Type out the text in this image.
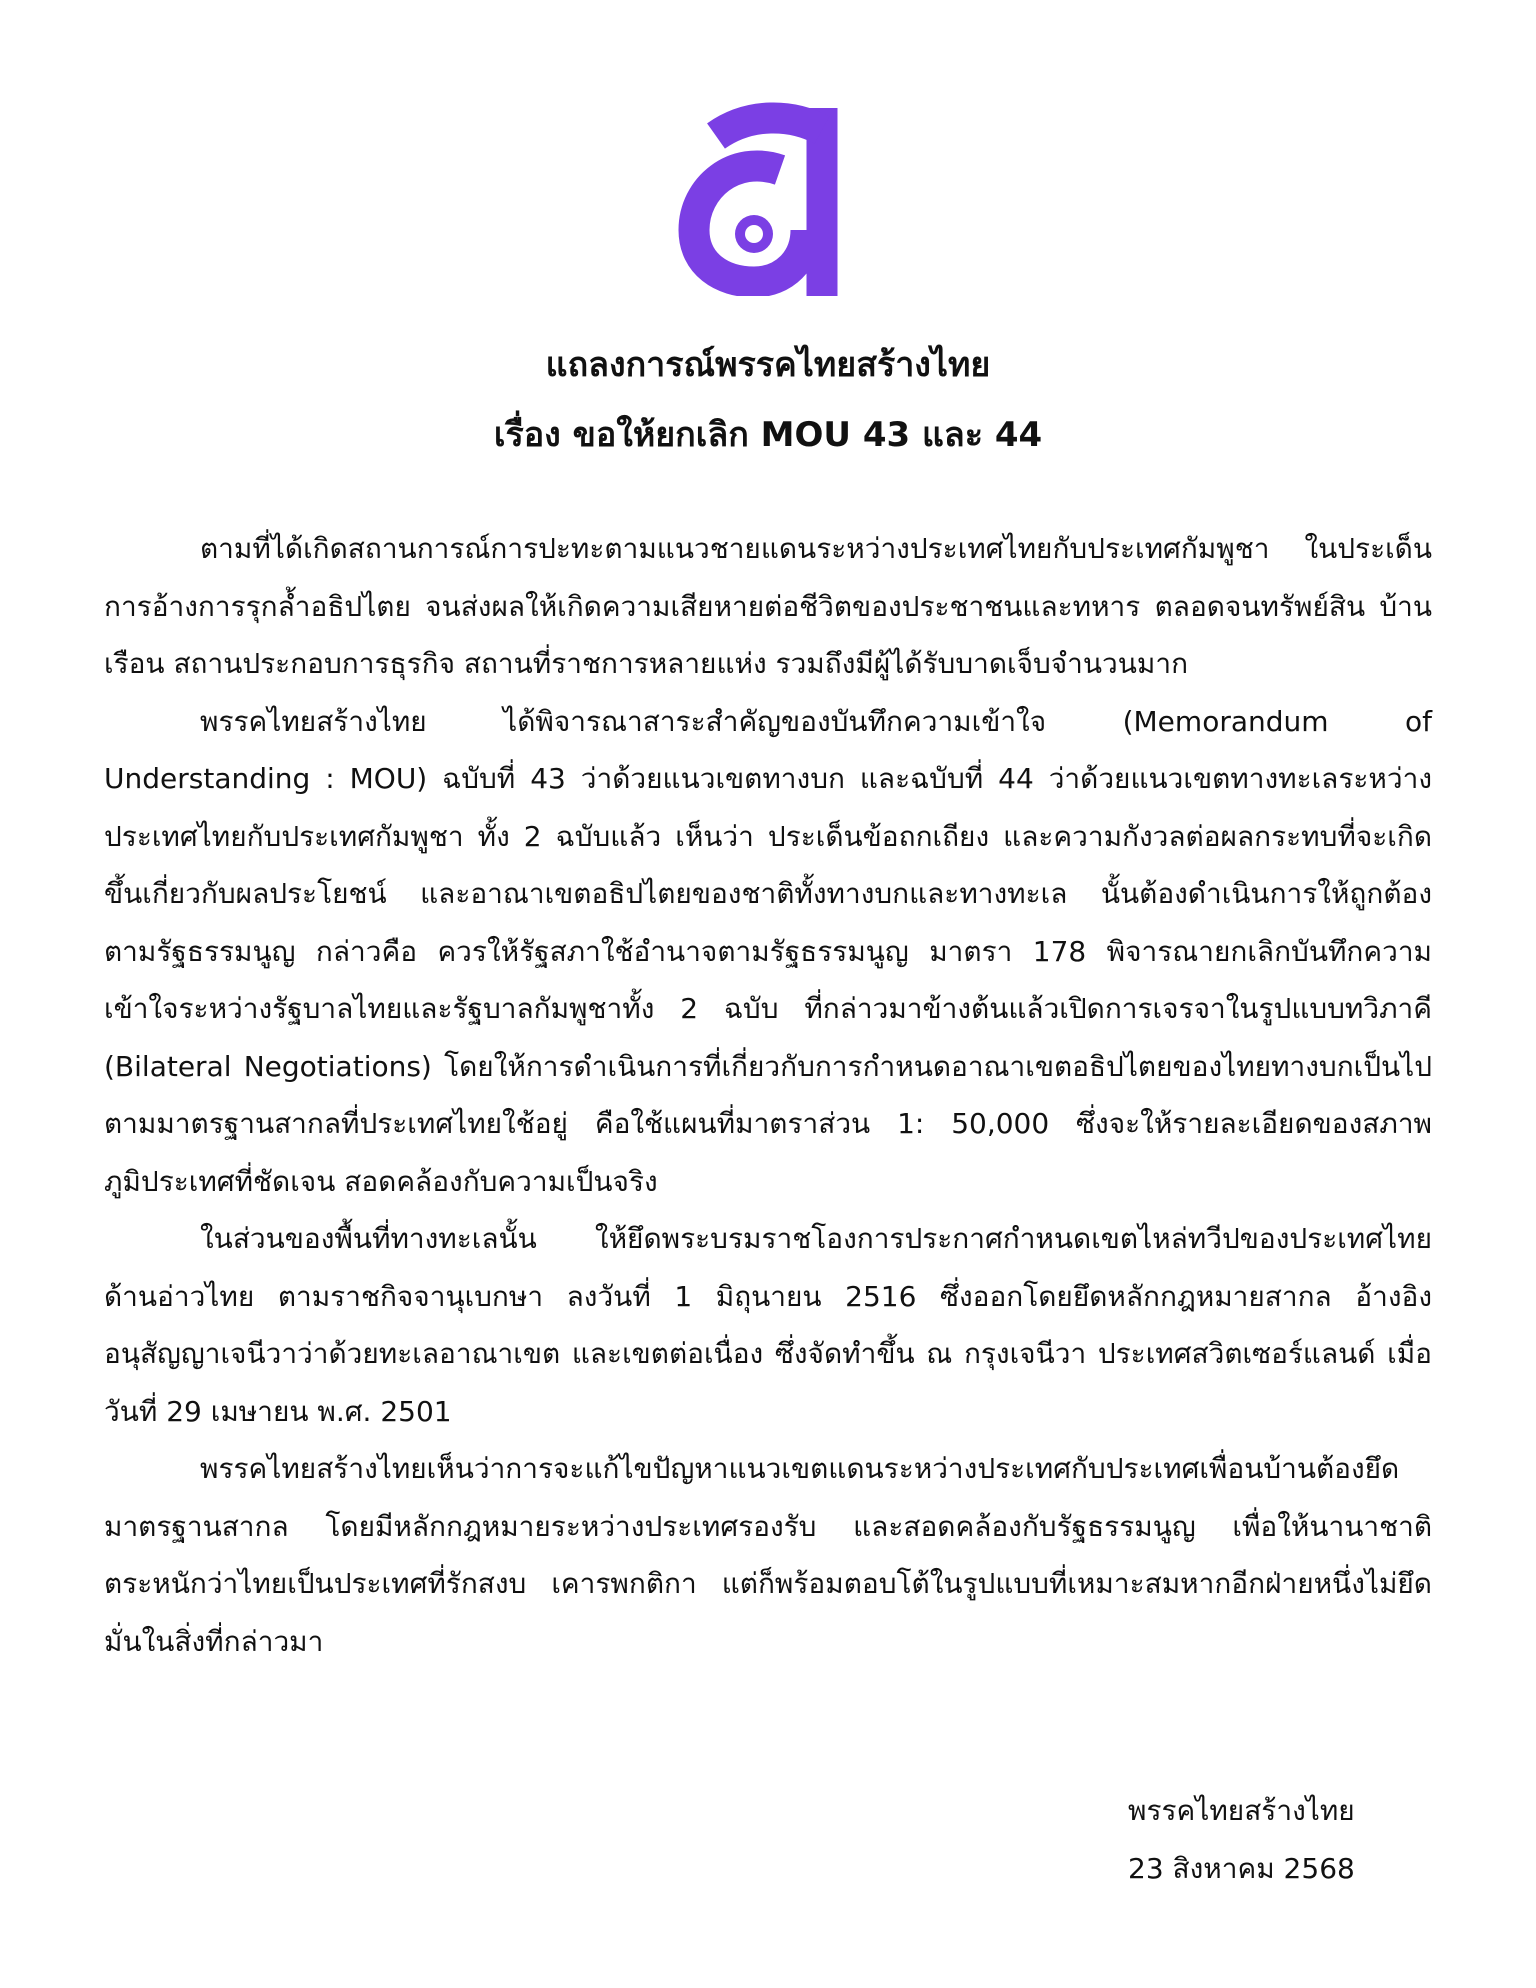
แถลงการณ์พรรคไทยสร้างไทย
เรื่อง ขอให้ยกเลิก MOU 43 และ 44

ตามที่ได้เกิดสถานการณ์การปะทะตามแนวชายแดนระหว่างประเทศไทยกับประเทศกัมพูชา ในประเด็นการอ้างการรุกล้ำอธิปไตย จนส่งผลให้เกิดความเสียหายต่อชีวิตของประชาชนและทหาร ตลอดจนทรัพย์สิน บ้านเรือน สถานประกอบการธุรกิจ สถานที่ราชการหลายแห่ง รวมถึงมีผู้ได้รับบาดเจ็บจำนวนมาก

พรรคไทยสร้างไทย ได้พิจารณาสาระสำคัญของบันทึกความเข้าใจ (Memorandum of Understanding : MOU) ฉบับที่ 43 ว่าด้วยแนวเขตทางบก และฉบับที่ 44 ว่าด้วยแนวเขตทางทะเลระหว่างประเทศไทยกับประเทศกัมพูชา ทั้ง 2 ฉบับแล้ว เห็นว่า ประเด็นข้อถกเถียง และความกังวลต่อผลกระทบที่จะเกิดขึ้นเกี่ยวกับผลประโยชน์ และอาณาเขตอธิปไตยของชาติทั้งทางบกและทางทะเล นั้นต้องดำเนินการให้ถูกต้องตามรัฐธรรมนูญ กล่าวคือ ควรให้รัฐสภาใช้อำนาจตามรัฐธรรมนูญ มาตรา 178 พิจารณายกเลิกบันทึกความเข้าใจระหว่างรัฐบาลไทยและรัฐบาลกัมพูชาทั้ง 2 ฉบับ ที่กล่าวมาข้างต้นแล้วเปิดการเจรจาในรูปแบบทวิภาคี (Bilateral Negotiations) โดยให้การดำเนินการที่เกี่ยวกับการกำหนดอาณาเขตอธิปไตยของไทยทางบกเป็นไปตามมาตรฐานสากลที่ประเทศไทยใช้อยู่ คือใช้แผนที่มาตราส่วน 1: 50,000 ซึ่งจะให้รายละเอียดของสภาพภูมิประเทศที่ชัดเจน สอดคล้องกับความเป็นจริง

ในส่วนของพื้นที่ทางทะเลนั้น ให้ยึดพระบรมราชโองการประกาศกำหนดเขตไหล่ทวีปของประเทศไทยด้านอ่าวไทย ตามราชกิจจานุเบกษา ลงวันที่ 1 มิถุนายน 2516 ซึ่งออกโดยยึดหลักกฎหมายสากล อ้างอิงอนุสัญญาเจนีวาว่าด้วยทะเลอาณาเขต และเขตต่อเนื่อง ซึ่งจัดทำขึ้น ณ กรุงเจนีวา ประเทศสวิตเซอร์แลนด์ เมื่อวันที่ 29 เมษายน พ.ศ. 2501

พรรคไทยสร้างไทยเห็นว่าการจะแก้ไขปัญหาแนวเขตแดนระหว่างประเทศกับประเทศเพื่อนบ้านต้องยึดมาตรฐานสากล โดยมีหลักกฎหมายระหว่างประเทศรองรับ และสอดคล้องกับรัฐธรรมนูญ เพื่อให้นานาชาติตระหนักว่าไทยเป็นประเทศที่รักสงบ เคารพกติกา แต่ก็พร้อมตอบโต้ในรูปแบบที่เหมาะสมหากอีกฝ่ายหนึ่งไม่ยึดมั่นในสิ่งที่กล่าวมา

พรรคไทยสร้างไทย
23 สิงหาคม 2568
